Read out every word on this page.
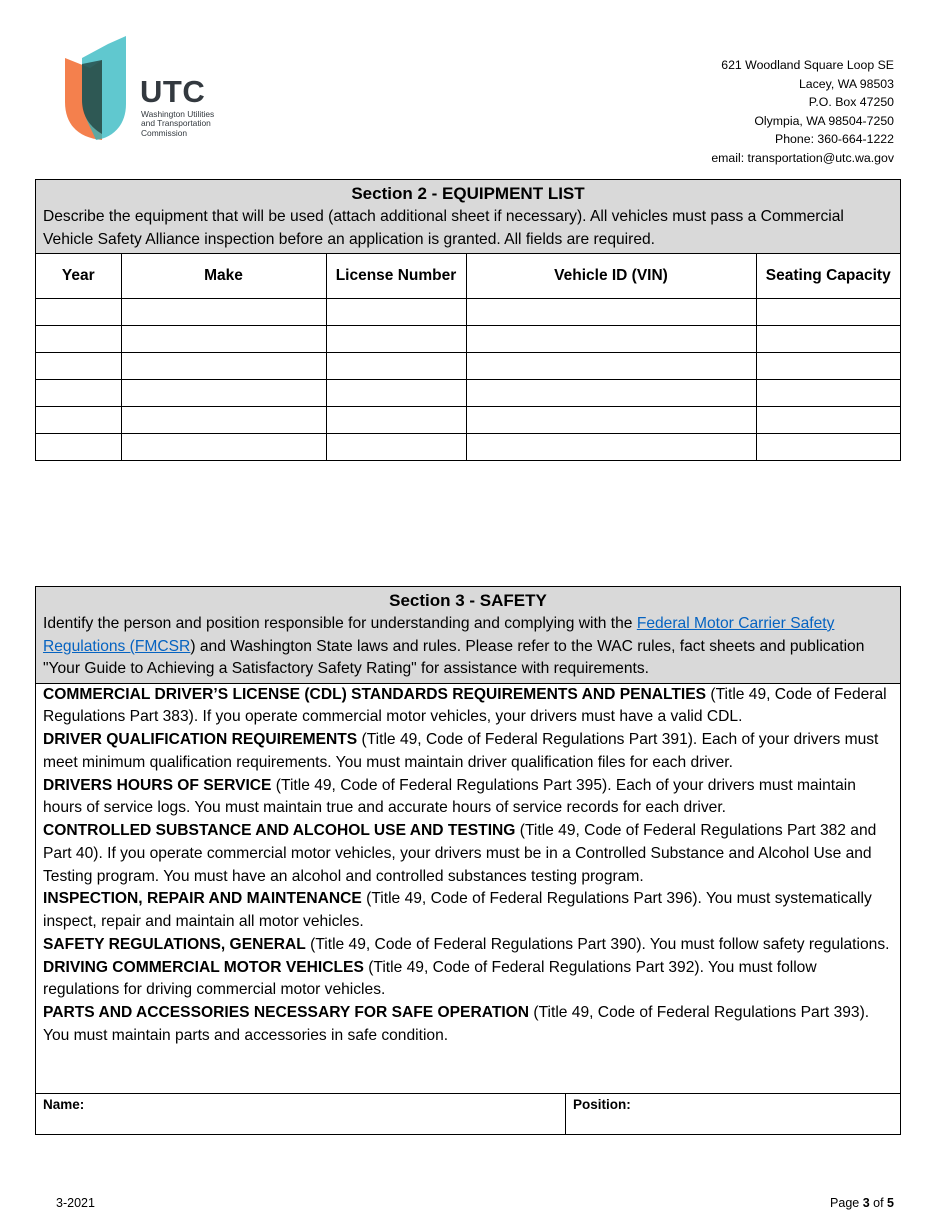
UTC
Washington Utilities
and Transportation
Commission
621 Woodland Square Loop SE
Lacey, WA 98503
P.O. Box 47250
Olympia, WA 98504-7250
Phone: 360-664-1222
email: transportation@utc.wa.gov
Section 2 - EQUIPMENT LIST
Describe the equipment that will be used (attach additional sheet if necessary). All vehicles must pass a Commercial Vehicle Safety Alliance inspection before an application is granted. All fields are required.
Year	Make	License Number	Vehicle ID (VIN)	Seating Capacity

Section 3 - SAFETY
Identify the person and position responsible for understanding and complying with the Federal Motor Carrier Safety Regulations (FMCSR) and Washington State laws and rules. Please refer to the WAC rules, fact sheets and publication "Your Guide to Achieving a Satisfactory Safety Rating" for assistance with requirements.

COMMERCIAL DRIVER’S LICENSE (CDL) STANDARDS REQUIREMENTS AND PENALTIES (Title 49, Code of Federal Regulations Part 383). If you operate commercial motor vehicles, your drivers must have a valid CDL.

DRIVER QUALIFICATION REQUIREMENTS (Title 49, Code of Federal Regulations Part 391). Each of your drivers must meet minimum qualification requirements. You must maintain driver qualification files for each driver.

DRIVERS HOURS OF SERVICE (Title 49, Code of Federal Regulations Part 395). Each of your drivers must maintain hours of service logs. You must maintain true and accurate hours of service records for each driver.

CONTROLLED SUBSTANCE AND ALCOHOL USE AND TESTING (Title 49, Code of Federal Regulations Part 382 and Part 40). If you operate commercial motor vehicles, your drivers must be in a Controlled Substance and Alcohol Use and Testing program. You must have an alcohol and controlled substances testing program.

INSPECTION, REPAIR AND MAINTENANCE (Title 49, Code of Federal Regulations Part 396). You must systematically inspect, repair and maintain all motor vehicles.

SAFETY REGULATIONS, GENERAL (Title 49, Code of Federal Regulations Part 390). You must follow safety regulations.

DRIVING COMMERCIAL MOTOR VEHICLES (Title 49, Code of Federal Regulations Part 392). You must follow regulations for driving commercial motor vehicles.

PARTS AND ACCESSORIES NECESSARY FOR SAFE OPERATION (Title 49, Code of Federal Regulations Part 393). You must maintain parts and accessories in safe condition.

Name:	Position:
3-2021	Page 3 of 5
